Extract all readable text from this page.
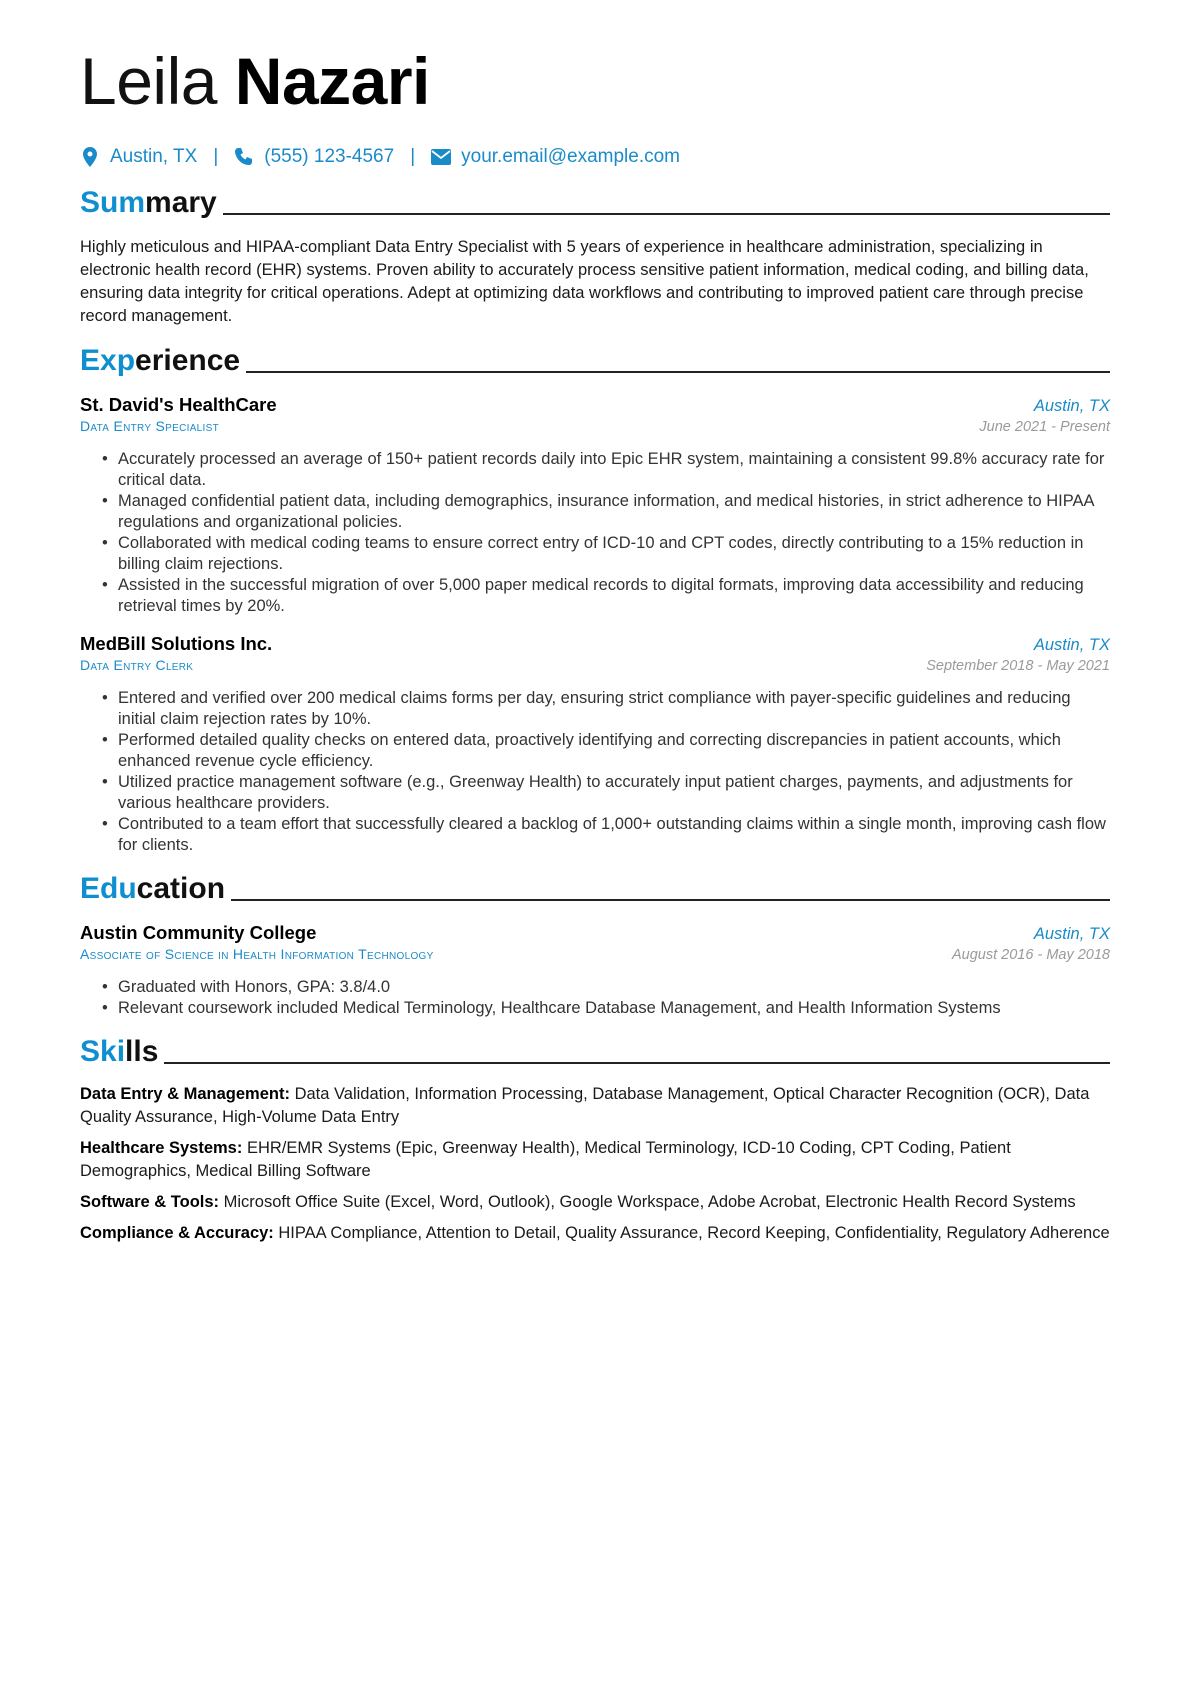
Leila Nazari
Austin, TX | (555) 123-4567 | your.email@example.com
Summary
Highly meticulous and HIPAA-compliant Data Entry Specialist with 5 years of experience in healthcare administration, specializing in electronic health record (EHR) systems. Proven ability to accurately process sensitive patient information, medical coding, and billing data, ensuring data integrity for critical operations. Adept at optimizing data workflows and contributing to improved patient care through precise record management.
Experience
St. David's HealthCare	Austin, TX
Data Entry Specialist	June 2021 - Present
• Accurately processed an average of 150+ patient records daily into Epic EHR system, maintaining a consistent 99.8% accuracy rate for critical data.
• Managed confidential patient data, including demographics, insurance information, and medical histories, in strict adherence to HIPAA regulations and organizational policies.
• Collaborated with medical coding teams to ensure correct entry of ICD-10 and CPT codes, directly contributing to a 15% reduction in billing claim rejections.
• Assisted in the successful migration of over 5,000 paper medical records to digital formats, improving data accessibility and reducing retrieval times by 20%.
MedBill Solutions Inc.	Austin, TX
Data Entry Clerk	September 2018 - May 2021
• Entered and verified over 200 medical claims forms per day, ensuring strict compliance with payer-specific guidelines and reducing initial claim rejection rates by 10%.
• Performed detailed quality checks on entered data, proactively identifying and correcting discrepancies in patient accounts, which enhanced revenue cycle efficiency.
• Utilized practice management software (e.g., Greenway Health) to accurately input patient charges, payments, and adjustments for various healthcare providers.
• Contributed to a team effort that successfully cleared a backlog of 1,000+ outstanding claims within a single month, improving cash flow for clients.
Education
Austin Community College	Austin, TX
Associate of Science in Health Information Technology	August 2016 - May 2018
• Graduated with Honors, GPA: 3.8/4.0
• Relevant coursework included Medical Terminology, Healthcare Database Management, and Health Information Systems
Skills
Data Entry & Management: Data Validation, Information Processing, Database Management, Optical Character Recognition (OCR), Data Quality Assurance, High-Volume Data Entry
Healthcare Systems: EHR/EMR Systems (Epic, Greenway Health), Medical Terminology, ICD-10 Coding, CPT Coding, Patient Demographics, Medical Billing Software
Software & Tools: Microsoft Office Suite (Excel, Word, Outlook), Google Workspace, Adobe Acrobat, Electronic Health Record Systems
Compliance & Accuracy: HIPAA Compliance, Attention to Detail, Quality Assurance, Record Keeping, Confidentiality, Regulatory Adherence
